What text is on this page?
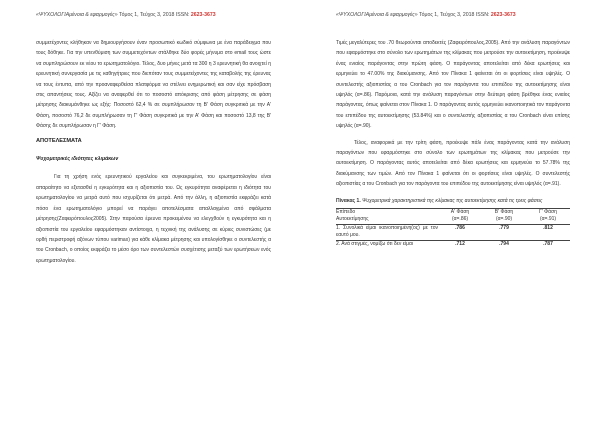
«ΨΥΧΟΛΟΓΙΑμένοια & εφαρμογές» Τόμος 1, Τεύχος 3, 2018 ISSN: 2623-3673

συμμετέχοντες κλήθηκαν να δημιουργήσουν έναν προσωπικό κωδικό σύμφωνα με ένα παράδειγμα που τους δόθηκε. Για την υπενθύμιση των συμμετεχόντων στάλθηκε δύο φορές μήνυμα στο email τους ώστε να συμπληρώσουν εκ νέου το ερωτηματολόγιο. Τέλος, δυο μήνες μετά τα 300 η 3 ερευνητική θα ανοιχτεί η ερευνητική συνεργασία με τις καθηγήτριες που διεπόταν τους συμμετείχοντες της καταβολής της έρευνας να τους έντυπα, από την προαναφερθείσα πλατφόρμα να στέλνει ενημερωτική και σαν είχε πρόσβαση στις απαντήσεις τους. Αξίζει να αναφερθεί ότι το ποσοστό απόκρισης από φάση μέτρησης σε φάση μέτρησης διακυμάνθηκε ως εξής: Ποσοστό 62,4 % σε συμπλήρωσαν τη Β' Φάση συγκριτικά με την Α' Φάση, ποσοστό 76,2 δε συμπλήρωσαν τη Γ' Φάση συγκριτικά με την Α' Φάση και ποσοστό 13,8 της Β' Φάσης δε συμπλήρωσαν η Γ' Φάση.

ΑΠΟΤΕΛΕΣΜΑΤΑ
Ψυχομετρικές ιδιότητες κλιμάκων

Για τη χρήση ενός ερευνητικού εργαλείου και συγκεκριμένα, του ερωτηματολογίου είναι απαραίτητο να εξετασθεί η εγκυρότητα και η αξιοπιστία του. Ως εγκυρότητα αναφέρεται η ιδιότητα του ερωτηματολογίου να μετρά αυτό που ισχυρίζεται ότι μετρά. Από την άλλη, η αξιοπιστία εκφράζει κατά πόσο ένα ερωτηματολόγιο μπορεί να παράγει αποτελέσματα απαλλαγμένα από σφάλματα μέτρησης(Ζαφειρόπουλος2005). Στην παρούσα έρευνα προκειμένου να ελεγχθούν η εγκυρότητα και η αξιοπιστία του εργαλείου εφαρμόστηκαν αντίστοιχα, η τεχνική της ανάλυσης σε κύριες συνιστώσες (με ορθή περιστροφή αξόνων τύπου varimax) για κάθε κλίμακα μέτρησης και υπολογίσθηκε ο συντελεστής α του Cronbach, ο οποίος εκφράζει το μέσο όρο των συντελεστών συσχέτισης μεταξύ των ερωτήσεων ενός ερωτηματολογίου.

«ΨΥΧΟΛΟΓΙΑμένοια & εφαρμογές» Τόμος 1, Τεύχος 3, 2018 ISSN: 2623-3673

Τιμές μεγαλύτερες του .70 θεωρούνται αποδεκτές (Ζαφειρόπουλος,2005). Από την ανάλυση παραγόντων που εφαρμόστηκε στο σύνολο των ερωτημάτων της κλίμακας που μετρούσε την αυτοεκτίμηση, προέκυψε ένας ενιαίος παράγοντας στην πρώτη φάση. Ο παράγοντας αποτελείται από δέκα ερωτήσεις και ερμηνεύει το 47.00% της διακύμανσης. Από τον Πίνακα 1 φαίνεται ότι οι φορτίσεις είναι υψηλές. Ο συντελεστής αξιοπιστίας α του Cronbach για τον παράγοντα του επιπέδου της αυτοεκτίμησης είναι υψηλός (α=.86). Παρόμοια, κατά την ανάλυση παραγόντων στην δεύτερη φάση βρέθηκε ένας ενιαίος παράγοντας, όπως φαίνεται στον Πίνακα 1. Ο παράγοντας αυτός ερμηνεύει ικανοποιητικά τον παράγοντα του επιπέδου της αυτοεκτίμησης (53.84%) και ο συντελεστής αξιοπιστίας α του Cronbach είναι επίσης υψηλός (α=.90).

Τέλος, αναφορικά με την τρίτη φάση, προέκυψε πάλι ένας παράγοντας κατά την ανάλυση παραγόντων που εφαρμόστηκε στο σύνολο των ερωτημάτων της κλίμακας που μετρούσε την αυτοεκτίμηση. Ο παράγοντας αυτός αποτελείται από δέκα ερωτήσεις και ερμηνεύει το 57.78% της διακύμανσης των τιμών. Από τον Πίνακα 1 φαίνεται ότι οι φορτίσεις είναι υψηλές. Ο συντελεστής αξιοπιστίας α του Cronbach για τον παράγοντα του επιπέδου της αυτοεκτίμησης είναι υψηλός (α=.91).

Πίνακας 1. Ψυχομετρικά χαρακτηριστικά της κλίμακας της αυτοεκτίμησης κατά τις τρεις φάσεις
Επίπεδο	Α' Φάση	Β' Φάση	Γ' Φάση
Αυτοεκτίμησης	(α=.86)	(α=.90)	(α=.91)
1. Συνολικά είμαι ικανοποιημένη(ος) με τον εαυτό μου.	.786	.779	.812
2. Ανά στιγμές, νομίζω ότι δεν είμαι	.712	.794	.787
